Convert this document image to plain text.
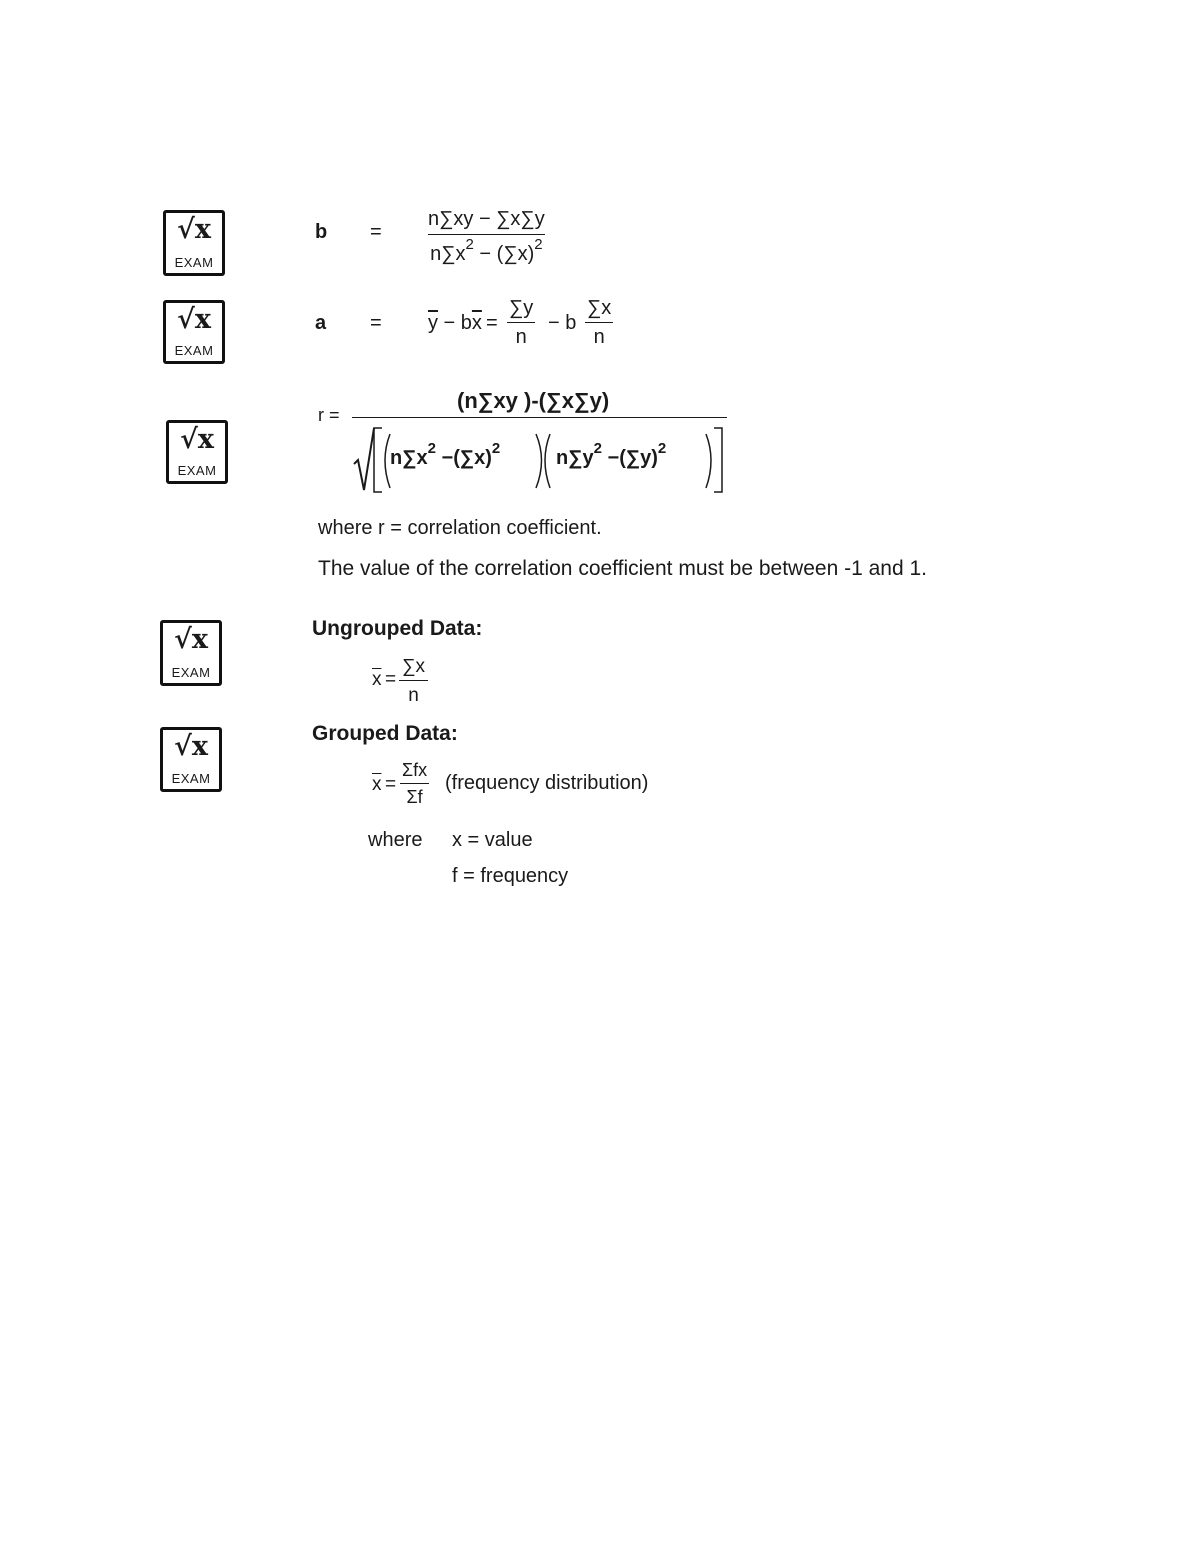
√x
EXAM
√x
EXAM
√x
EXAM
√x
EXAM
√x
EXAM
b =
n∑xy − ∑x∑y
$n\sum x^2 - (\sum x)^2$
$a = \overline{y} - b\overline{x}$ =
∑y
n
− b
∑x
n
r =
(n∑xy )-(∑x∑y)
$n\sum x^2 -(\sum x)^2$	$n\sum y^2 -(\sum y)^2$
where r = correlation coefficient.
The value of the correlation coefficient must be between -1 and 1.
Ungrouped Data:
$\overline{x}$ =
∑x
n
Grouped Data:
$\overline{x}$ =
Σfx
Σf
(frequency distribution)
where x = value
f = frequency
